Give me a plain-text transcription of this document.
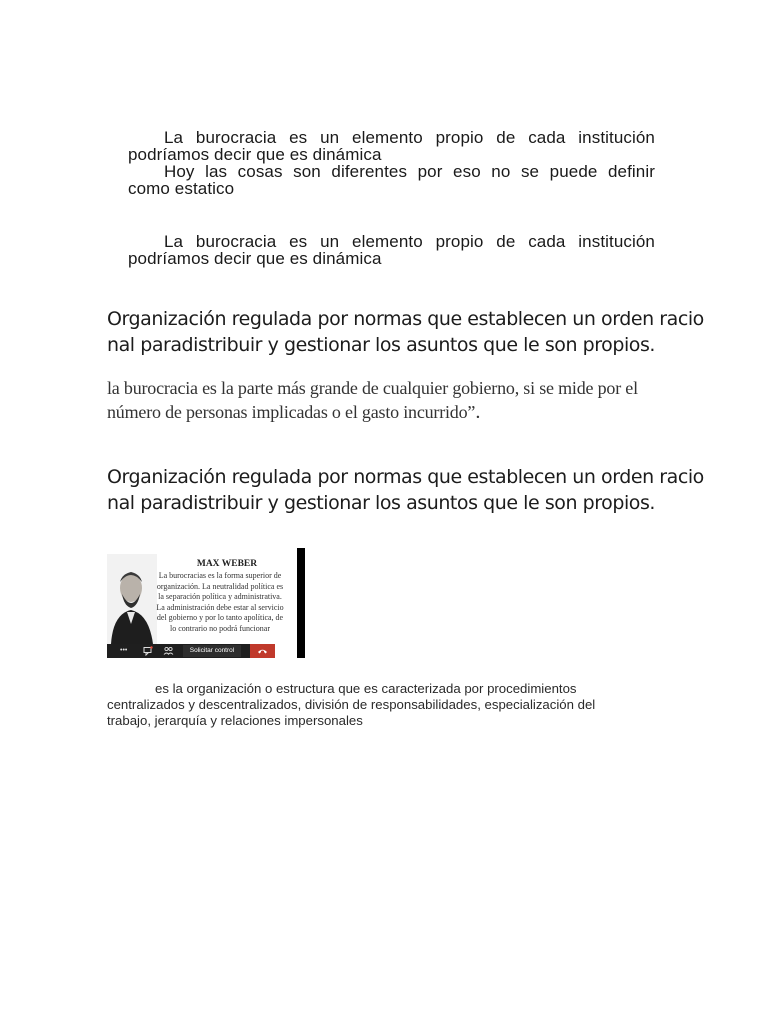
La burocracia es un elemento propio de cada institución
podríamos decir que es dinámica
Hoy las cosas son diferentes por eso no se puede definir
como estatico
La burocracia es un elemento propio de cada institución
podríamos decir que es dinámica
Organización regulada por normas que establecen un orden racio
nal paradistribuir y gestionar los asuntos que le son propios.
la burocracia es la parte más grande de cualquier gobierno, si se mide por el
número de personas implicadas o el gasto incurrido”．
Organización regulada por normas que establecen un orden racio
nal paradistribuir y gestionar los asuntos que le son propios.
MAX WEBER
La burocracias es la forma superior de organización. La neutralidad política es la separación política y administrativa. La administración debe estar al servicio del gobierno y por lo tanto apolítica, de lo contrario no podrá funcionar
•••	Solicitar control
es la organización o estructura que es caracterizada por procedimientos
centralizados y descentralizados, división de responsabilidades, especialización del
trabajo, jerarquía y relaciones impersonales
